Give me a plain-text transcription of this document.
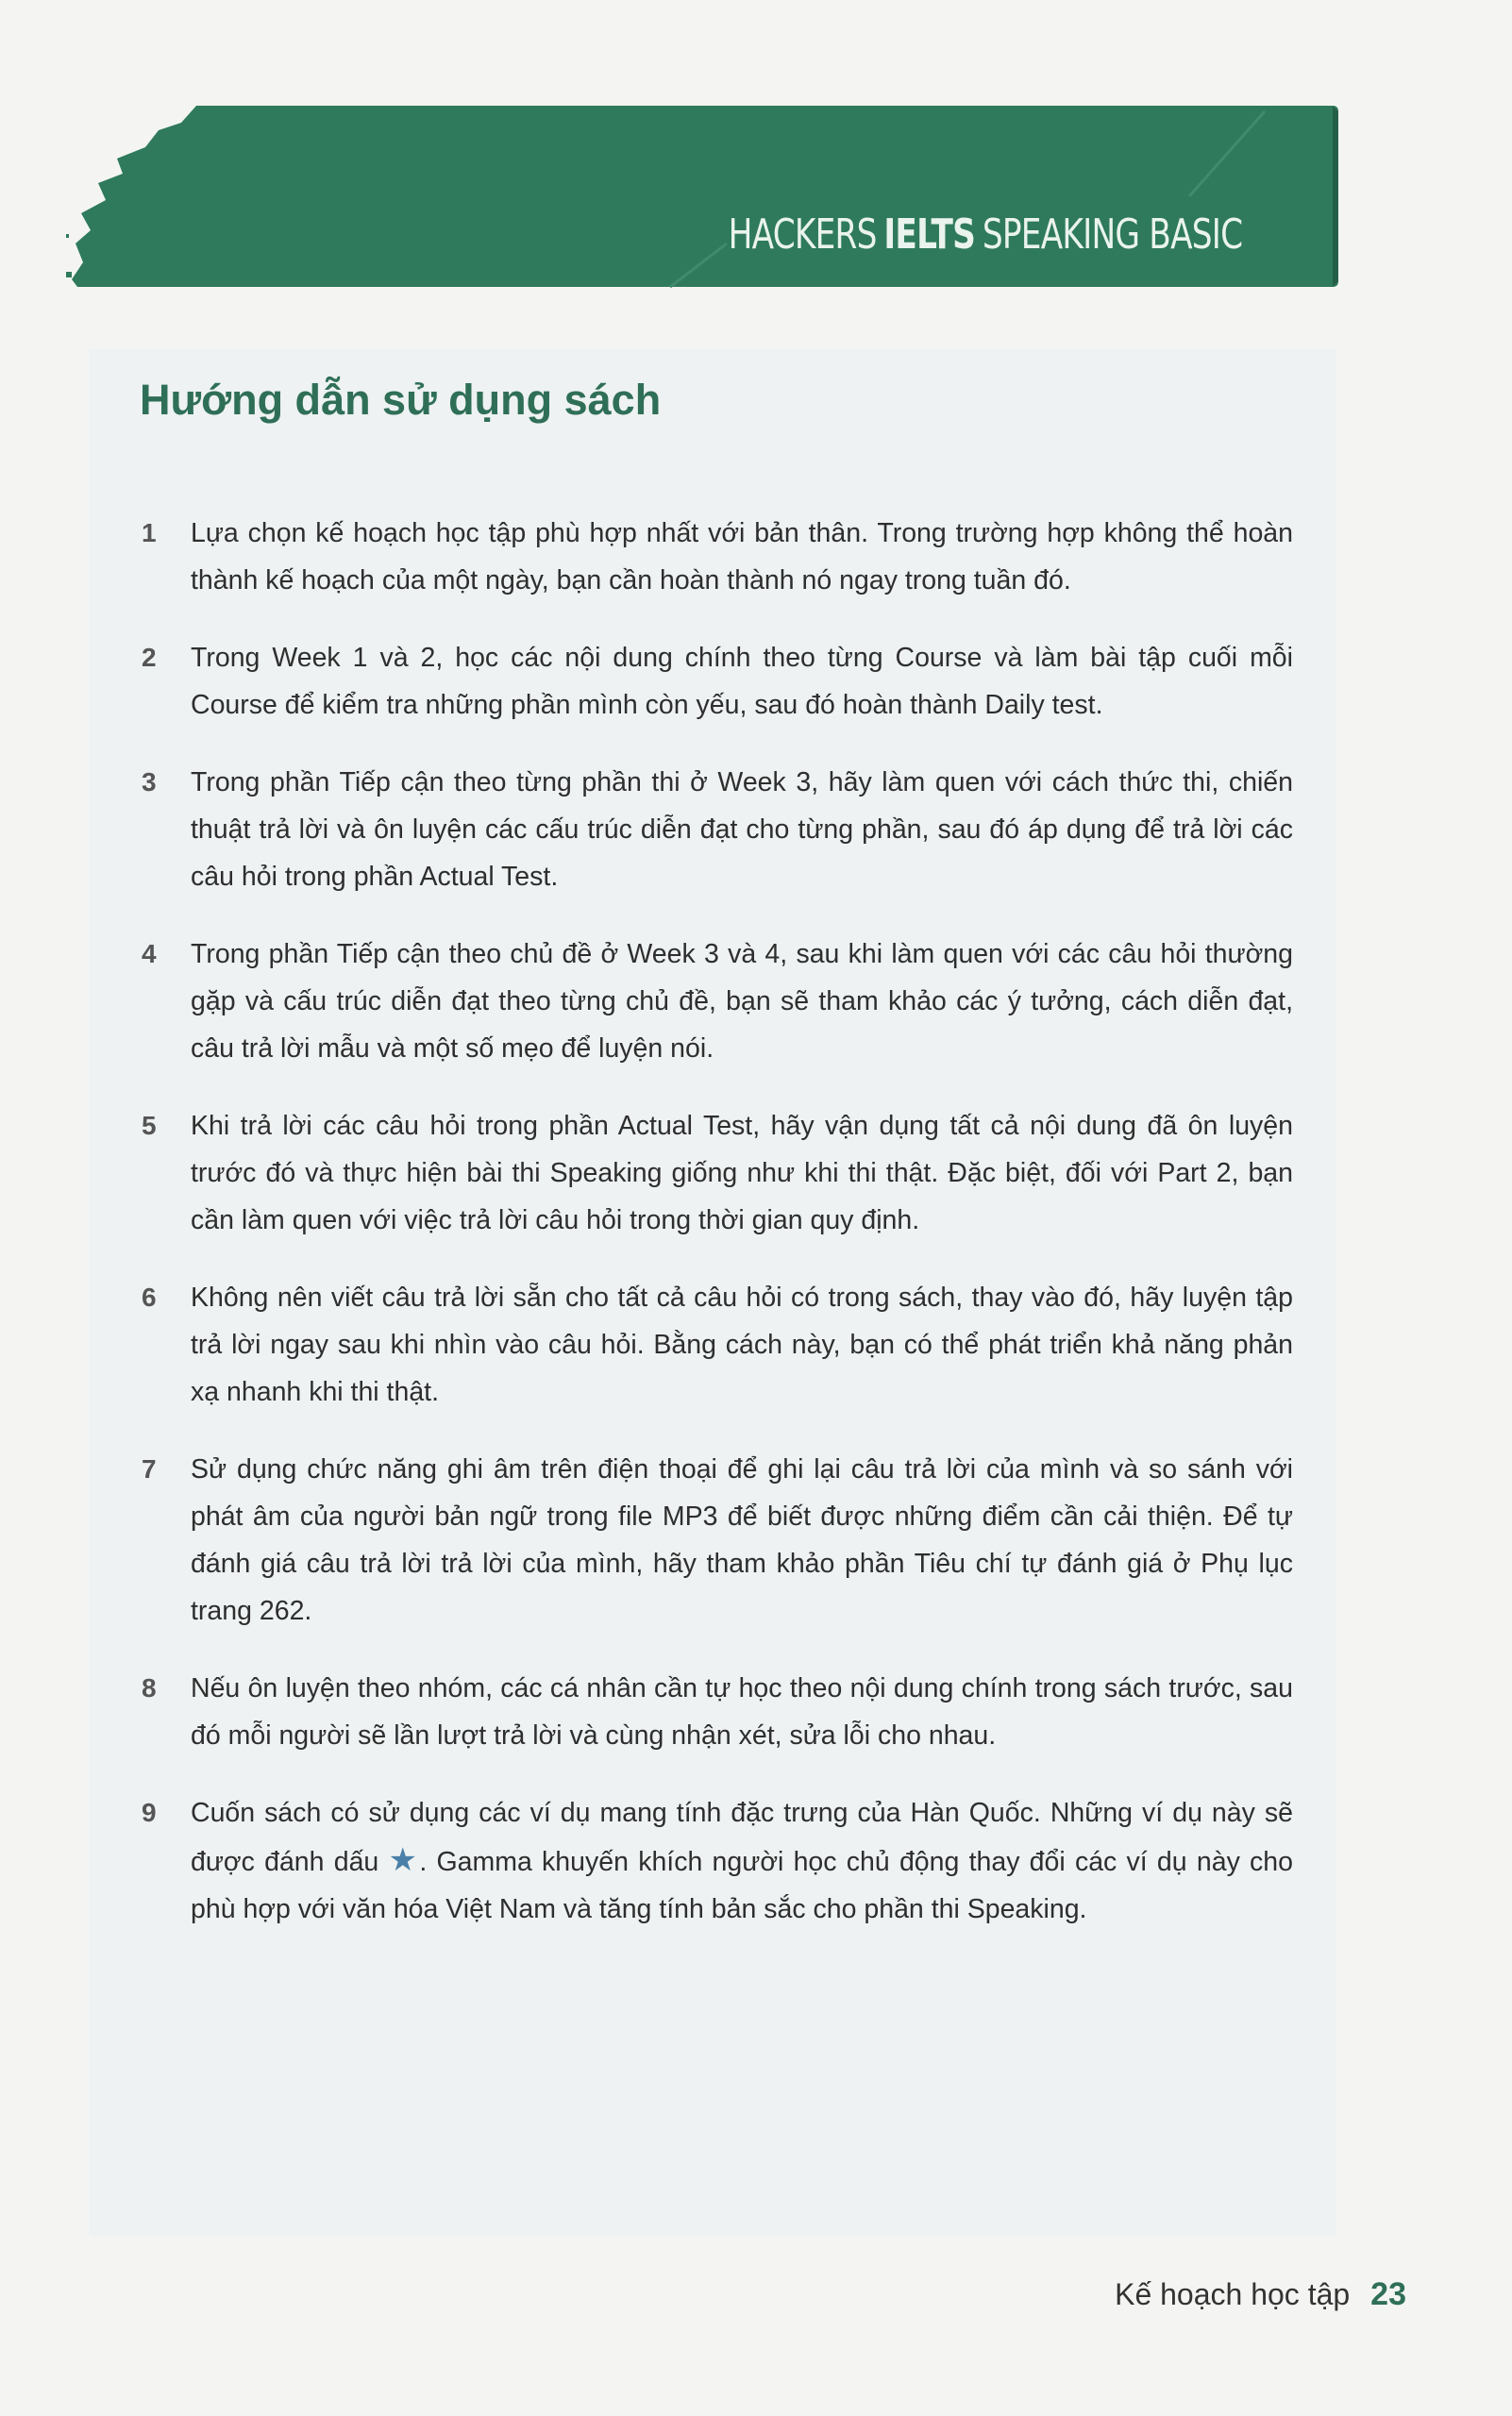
HACKERS IELTS SPEAKING BASIC
Hướng dẫn sử dụng sách
1	Lựa chọn kế hoạch học tập phù hợp nhất với bản thân. Trong trường hợp không thể hoàn thành kế hoạch của một ngày, bạn cần hoàn thành nó ngay trong tuần đó.
2	Trong Week 1 và 2, học các nội dung chính theo từng Course và làm bài tập cuối mỗi Course để kiểm tra những phần mình còn yếu, sau đó hoàn thành Daily test.
3	Trong phần Tiếp cận theo từng phần thi ở Week 3, hãy làm quen với cách thức thi, chiến thuật trả lời và ôn luyện các cấu trúc diễn đạt cho từng phần, sau đó áp dụng để trả lời các câu hỏi trong phần Actual Test.
4	Trong phần Tiếp cận theo chủ đề ở Week 3 và 4, sau khi làm quen với các câu hỏi thường gặp và cấu trúc diễn đạt theo từng chủ đề, bạn sẽ tham khảo các ý tưởng, cách diễn đạt, câu trả lời mẫu và một số mẹo để luyện nói.
5	Khi trả lời các câu hỏi trong phần Actual Test, hãy vận dụng tất cả nội dung đã ôn luyện trước đó và thực hiện bài thi Speaking giống như khi thi thật. Đặc biệt, đối với Part 2, bạn cần làm quen với việc trả lời câu hỏi trong thời gian quy định.
6	Không nên viết câu trả lời sẵn cho tất cả câu hỏi có trong sách, thay vào đó, hãy luyện tập trả lời ngay sau khi nhìn vào câu hỏi. Bằng cách này, bạn có thể phát triển khả năng phản xạ nhanh khi thi thật.
7	Sử dụng chức năng ghi âm trên điện thoại để ghi lại câu trả lời của mình và so sánh với phát âm của người bản ngữ trong file MP3 để biết được những điểm cần cải thiện. Để tự đánh giá câu trả lời trả lời của mình, hãy tham khảo phần Tiêu chí tự đánh giá ở Phụ lục trang 262.
8	Nếu ôn luyện theo nhóm, các cá nhân cần tự học theo nội dung chính trong sách trước, sau đó mỗi người sẽ lần lượt trả lời và cùng nhận xét, sửa lỗi cho nhau.
9	Cuốn sách có sử dụng các ví dụ mang tính đặc trưng của Hàn Quốc. Những ví dụ này sẽ được đánh dấu ★. Gamma khuyến khích người học chủ động thay đổi các ví dụ này cho phù hợp với văn hóa Việt Nam và tăng tính bản sắc cho phần thi Speaking.
Kế hoạch học tập 23
